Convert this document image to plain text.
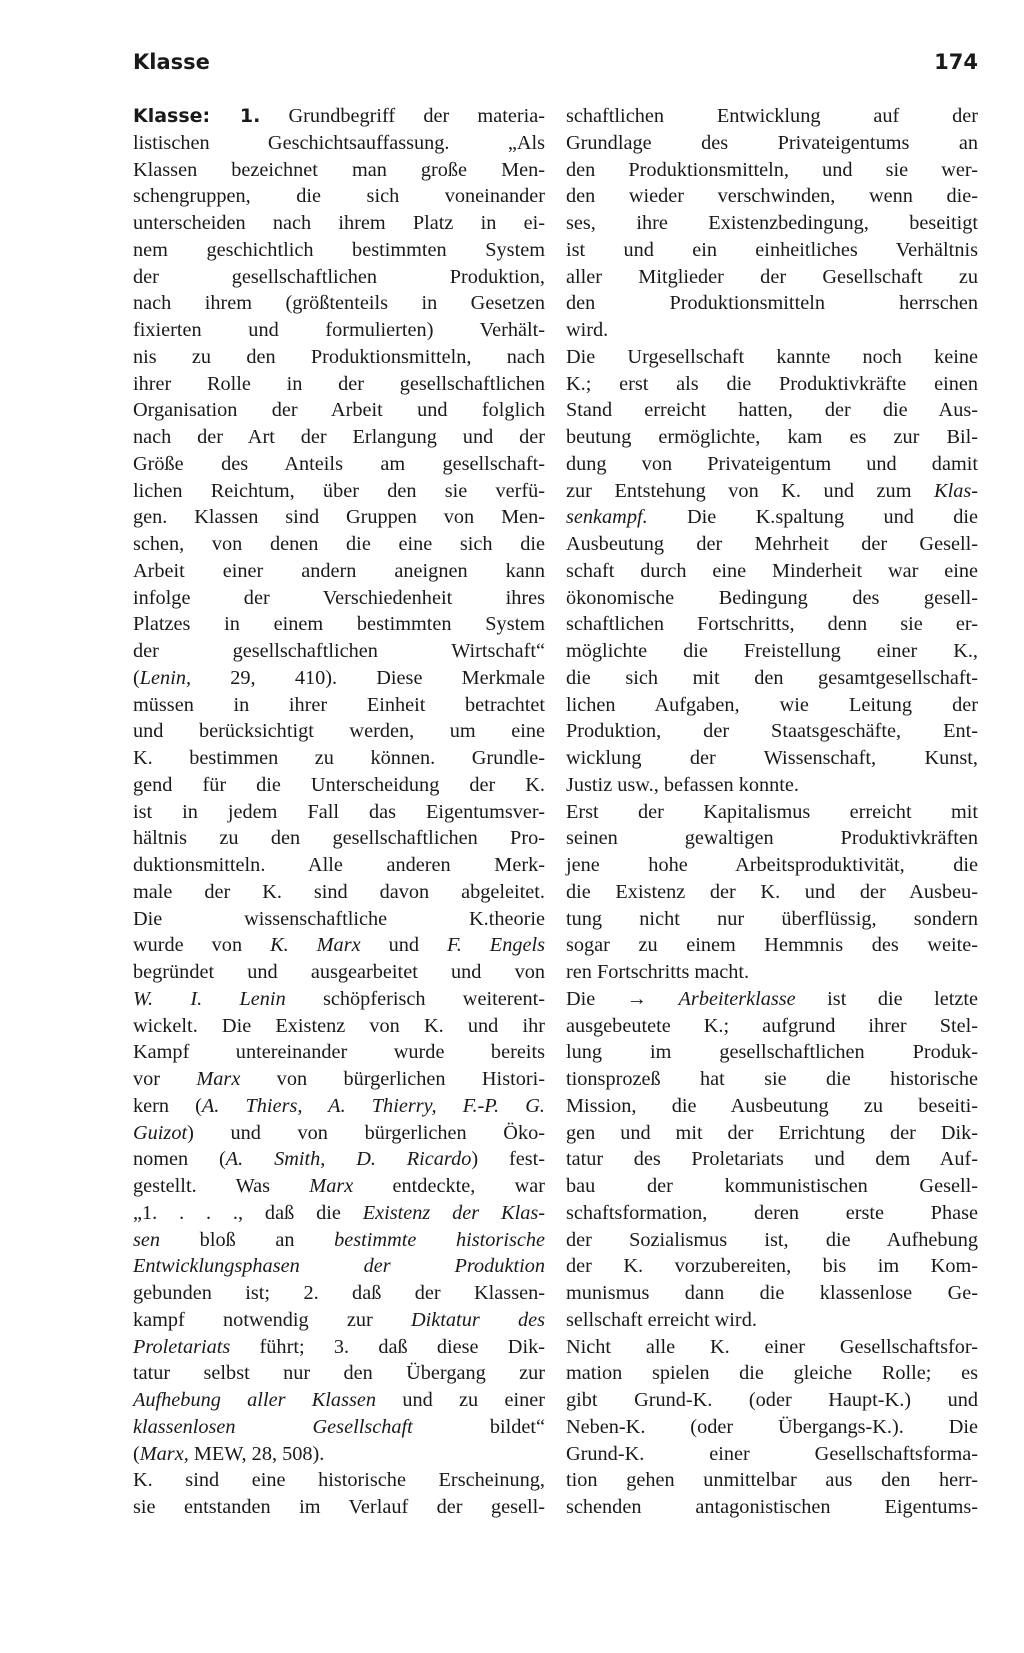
Klasse	174
Klasse: 1. Grundbegriff der materia-
listischen Geschichtsauffassung. „Als
Klassen bezeichnet man große Men-
schengruppen, die sich voneinander
unterscheiden nach ihrem Platz in ei-
nem geschichtlich bestimmten System
der gesellschaftlichen Produktion,
nach ihrem (größtenteils in Gesetzen
fixierten und formulierten) Verhält-
nis zu den Produktionsmitteln, nach
ihrer Rolle in der gesellschaftlichen
Organisation der Arbeit und folglich
nach der Art der Erlangung und der
Größe des Anteils am gesellschaft-
lichen Reichtum, über den sie verfü-
gen. Klassen sind Gruppen von Men-
schen, von denen die eine sich die
Arbeit einer andern aneignen kann
infolge der Verschiedenheit ihres
Platzes in einem bestimmten System
der gesellschaftlichen Wirtschaft“
(Lenin, 29, 410). Diese Merkmale
müssen in ihrer Einheit betrachtet
und berücksichtigt werden, um eine
K. bestimmen zu können. Grundle-
gend für die Unterscheidung der K.
ist in jedem Fall das Eigentumsver-
hältnis zu den gesellschaftlichen Pro-
duktionsmitteln. Alle anderen Merk-
male der K. sind davon abgeleitet.
Die wissenschaftliche K.theorie
wurde von K. Marx und F. Engels
begründet und ausgearbeitet und von
W. I. Lenin schöpferisch weiterent-
wickelt. Die Existenz von K. und ihr
Kampf untereinander wurde bereits
vor Marx von bürgerlichen Histori-
kern (A. Thiers, A. Thierry, F.-P. G.
Guizot) und von bürgerlichen Öko-
nomen (A. Smith, D. Ricardo) fest-
gestellt. Was Marx entdeckte, war
„1. . . ., daß die Existenz der Klas-
sen bloß an bestimmte historische
Entwicklungsphasen der Produktion
gebunden ist; 2. daß der Klassen-
kampf notwendig zur Diktatur des
Proletariats führt; 3. daß diese Dik-
tatur selbst nur den Übergang zur
Aufhebung aller Klassen und zu einer
klassenlosen Gesellschaft bildet“
(Marx, MEW, 28, 508).
K. sind eine historische Erscheinung,
sie entstanden im Verlauf der gesell-
schaftlichen Entwicklung auf der
Grundlage des Privateigentums an
den Produktionsmitteln, und sie wer-
den wieder verschwinden, wenn die-
ses, ihre Existenzbedingung, beseitigt
ist und ein einheitliches Verhältnis
aller Mitglieder der Gesellschaft zu
den Produktionsmitteln herrschen
wird.
Die Urgesellschaft kannte noch keine
K.; erst als die Produktivkräfte einen
Stand erreicht hatten, der die Aus-
beutung ermöglichte, kam es zur Bil-
dung von Privateigentum und damit
zur Entstehung von K. und zum Klas-
senkampf. Die K.spaltung und die
Ausbeutung der Mehrheit der Gesell-
schaft durch eine Minderheit war eine
ökonomische Bedingung des gesell-
schaftlichen Fortschritts, denn sie er-
möglichte die Freistellung einer K.,
die sich mit den gesamtgesellschaft-
lichen Aufgaben, wie Leitung der
Produktion, der Staatsgeschäfte, Ent-
wicklung der Wissenschaft, Kunst,
Justiz usw., befassen konnte.
Erst der Kapitalismus erreicht mit
seinen gewaltigen Produktivkräften
jene hohe Arbeitsproduktivität, die
die Existenz der K. und der Ausbeu-
tung nicht nur überflüssig, sondern
sogar zu einem Hemmnis des weite-
ren Fortschritts macht.
Die → Arbeiterklasse ist die letzte
ausgebeutete K.; aufgrund ihrer Stel-
lung im gesellschaftlichen Produk-
tionsprozeß hat sie die historische
Mission, die Ausbeutung zu beseiti-
gen und mit der Errichtung der Dik-
tatur des Proletariats und dem Auf-
bau der kommunistischen Gesell-
schaftsformation, deren erste Phase
der Sozialismus ist, die Aufhebung
der K. vorzubereiten, bis im Kom-
munismus dann die klassenlose Ge-
sellschaft erreicht wird.
Nicht alle K. einer Gesellschaftsfor-
mation spielen die gleiche Rolle; es
gibt Grund-K. (oder Haupt-K.) und
Neben-K. (oder Übergangs-K.). Die
Grund-K. einer Gesellschaftsforma-
tion gehen unmittelbar aus den herr-
schenden antagonistischen Eigentums-
